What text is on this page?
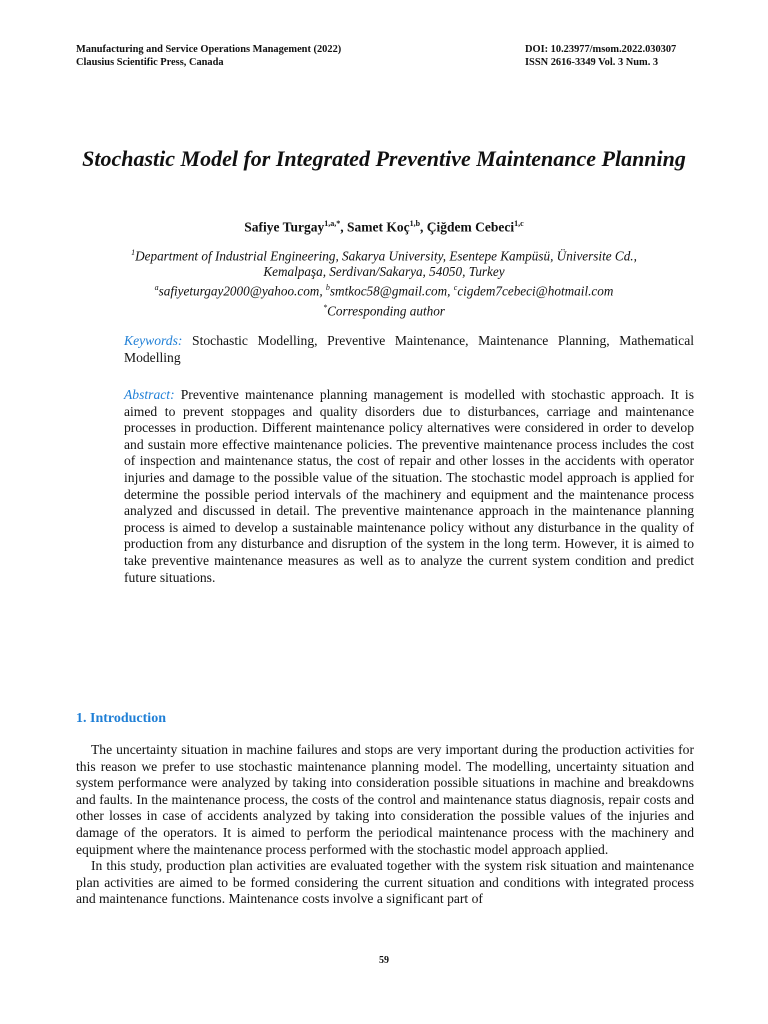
Manufacturing and Service Operations Management (2022)
Clausius Scientific Press, Canada
DOI: 10.23977/msom.2022.030307
ISSN 2616-3349 Vol. 3 Num. 3
Stochastic Model for Integrated Preventive Maintenance Planning
Safiye Turgay$^{1,a,*}$, Samet Koç$^{1,b}$, Çiğdem Cebeci$^{1,c}$
$^1$Department of Industrial Engineering, Sakarya University, Esentepe Kampüsü, Üniversite Cd.,
Kemalpaşa, Serdivan/Sakarya, 54050, Turkey
$^a$safiyeturgay2000@yahoo.com, $^b$smtkoc58@gmail.com, $^c$cigdem7cebeci@hotmail.com
*Corresponding author
Keywords: Stochastic Modelling, Preventive Maintenance, Maintenance Planning, Mathematical Modelling
Abstract: Preventive maintenance planning management is modelled with stochastic approach. It is aimed to prevent stoppages and quality disorders due to disturbances, carriage and maintenance processes in production. Different maintenance policy alternatives were considered in order to develop and sustain more effective maintenance policies. The preventive maintenance process includes the cost of inspection and maintenance status, the cost of repair and other losses in the accidents with operator injuries and damage to the possible value of the situation. The stochastic model approach is applied for determine the possible period intervals of the machinery and equipment and the maintenance process analyzed and discussed in detail. The preventive maintenance approach in the maintenance planning process is aimed to develop a sustainable maintenance policy without any disturbance in the quality of production from any disturbance and disruption of the system in the long term. However, it is aimed to take preventive maintenance measures as well as to analyze the current system condition and predict future situations.
1. Introduction

The uncertainty situation in machine failures and stops are very important during the production activities for this reason we prefer to use stochastic maintenance planning model. The modelling, uncertainty situation and system performance were analyzed by taking into consideration possible situations in machine and breakdowns and faults. In the maintenance process, the costs of the control and maintenance status diagnosis, repair costs and other losses in case of accidents analyzed by taking into consideration the possible values of the injuries and damage of the operators. It is aimed to perform the periodical maintenance process with the machinery and equipment where the maintenance process performed with the stochastic model approach applied.

In this study, production plan activities are evaluated together with the system risk situation and maintenance plan activities are aimed to be formed considering the current situation and conditions with integrated process and maintenance functions. Maintenance costs involve a significant part of

59
